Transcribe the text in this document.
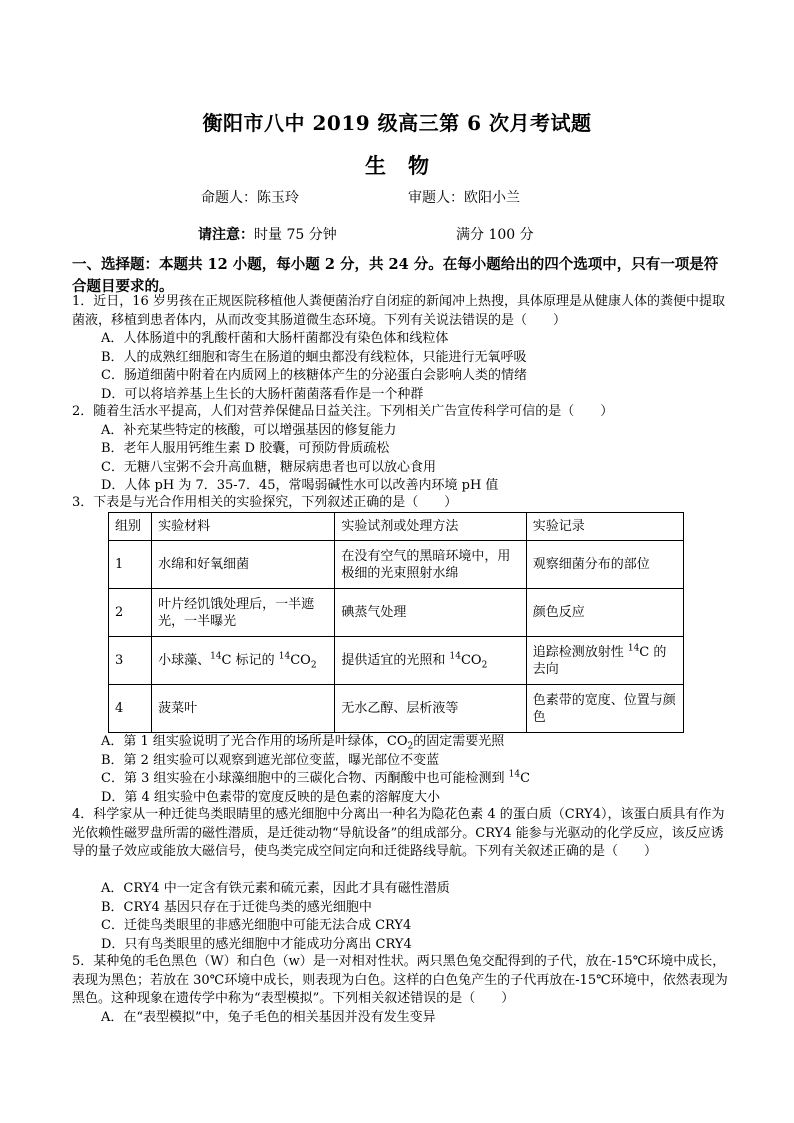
衡阳市八中 2019 级高三第 6 次月考试题
生物
命题人：陈玉玲	审题人：欧阳小兰
请注意：时量 75 分钟	满分 100 分
一、选择题：本题共 12 小题，每小题 2 分，共 24 分。在每小题给出的四个选项中，只有一项是符合题目要求的。
1．近日，16 岁男孩在正规医院移植他人粪便菌治疗自闭症的新闻冲上热搜，具体原理是从健康人体的粪便中提取菌液，移植到患者体内，从而改变其肠道微生态环境。下列有关说法错误的是（　　）
A．人体肠道中的乳酸杆菌和大肠杆菌都没有染色体和线粒体
B．人的成熟红细胞和寄生在肠道的蛔虫都没有线粒体，只能进行无氧呼吸
C．肠道细菌中附着在内质网上的核糖体产生的分泌蛋白会影响人类的情绪
D．可以将培养基上生长的大肠杆菌菌落看作是一个种群
2．随着生活水平提高，人们对营养保健品日益关注。下列相关广告宣传科学可信的是（　　）
A．补充某些特定的核酸，可以增强基因的修复能力
B．老年人服用钙维生素 D 胶囊，可预防骨质疏松
C．无糖八宝粥不会升高血糖，糖尿病患者也可以放心食用
D．人体 pH 为 7．35-7．45，常喝弱碱性水可以改善内环境 pH 值
3．下表是与光合作用相关的实验探究，下列叙述正确的是（　　）
组别	实验材料	实验试剂或处理方法	实验记录
1	水绵和好氧细菌	在没有空气的黑暗环境中，用极细的光束照射水绵	观察细菌分布的部位
2	叶片经饥饿处理后，一半遮光，一半曝光	碘蒸气处理	颜色反应
3	小球藻、$^{14}$C 标记的 $^{14}CO_2$	提供适宜的光照和 $^{14}CO_2$	追踪检测放射性 $^{14}$C 的去向
4	菠菜叶	无水乙醇、层析液等	色素带的宽度、位置与颜色
A．第 1 组实验说明了光合作用的场所是叶绿体，$CO_2$的固定需要光照
B．第 2 组实验可以观察到遮光部位变蓝，曝光部位不变蓝
C．第 3 组实验在小球藻细胞中的三碳化合物、丙酮酸中也可能检测到 $^{14}$C
D．第 4 组实验中色素带的宽度反映的是色素的溶解度大小
4．科学家从一种迁徙鸟类眼睛里的感光细胞中分离出一种名为隐花色素 4 的蛋白质（CRY4），该蛋白质具有作为光依赖性磁罗盘所需的磁性潜质，是迁徙动物“导航设备”的组成部分。CRY4 能参与光驱动的化学反应，该反应诱导的量子效应或能放大磁信号，使鸟类完成空间定向和迁徙路线导航。下列有关叙述正确的是（　　）
A．CRY4 中一定含有铁元素和硫元素，因此才具有磁性潜质
B．CRY4 基因只存在于迁徙鸟类的感光细胞中
C．迁徙鸟类眼里的非感光细胞中可能无法合成 CRY4
D．只有鸟类眼里的感光细胞中才能成功分离出 CRY4
5．某种兔的毛色黑色（W）和白色（w）是一对相对性状。两只黑色兔交配得到的子代，放在-15℃环境中成长，表现为黑色；若放在 30℃环境中成长，则表现为白色。这样的白色兔产生的子代再放在-15℃环境中，依然表现为黑色。这种现象在遗传学中称为“表型模拟”。下列相关叙述错误的是（　　）
A．在“表型模拟”中，兔子毛色的相关基因并没有发生变异
